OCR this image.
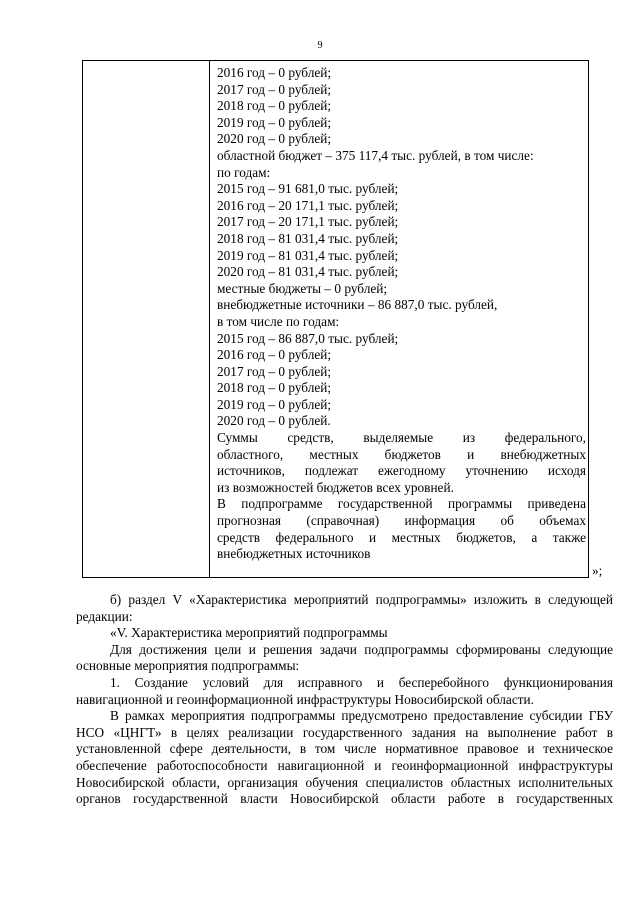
9
2016 год – 0 рублей;
2017 год – 0 рублей;
2018 год – 0 рублей;
2019 год – 0 рублей;
2020 год – 0 рублей;
областной бюджет – 375 117,4 тыс. рублей, в том числе:
по годам:
2015 год – 91 681,0 тыс. рублей;
2016 год – 20 171,1 тыс. рублей;
2017 год – 20 171,1 тыс. рублей;
2018 год – 81 031,4 тыс. рублей;
2019 год – 81 031,4 тыс. рублей;
2020 год – 81 031,4 тыс. рублей;
местные бюджеты – 0 рублей;
внебюджетные источники – 86 887,0 тыс. рублей,
в том числе по годам:
2015 год – 86 887,0 тыс. рублей;
2016 год – 0 рублей;
2017 год – 0 рублей;
2018 год – 0 рублей;
2019 год – 0 рублей;
2020 год – 0 рублей.
Суммы средств, выделяемые из федерального,
областного, местных бюджетов и внебюджетных
источников, подлежат ежегодному уточнению исходя
из возможностей бюджетов всех уровней.
В подпрограмме государственной программы приведена
прогнозная (справочная) информация об объемах
средств федерального и местных бюджетов, а также
внебюджетных источников
»;

б) раздел V «Характеристика мероприятий подпрограммы» изложить в следующей редакции:

«V. Характеристика мероприятий подпрограммы

Для достижения цели и решения задачи подпрограммы сформированы следующие основные мероприятия подпрограммы:

1. Создание условий для исправного и бесперебойного функционирования навигационной и геоинформационной инфраструктуры Новосибирской области.

В рамках мероприятия подпрограммы предусмотрено предоставление субсидии ГБУ НСО «ЦНГТ» в целях реализации государственного задания на выполнение работ в установленной сфере деятельности, в том числе нормативное правовое и техническое обеспечение работоспособности навигационной и геоинформационной инфраструктуры Новосибирской области, организация обучения специалистов областных исполнительных органов государственной власти Новосибирской области работе в государственных
